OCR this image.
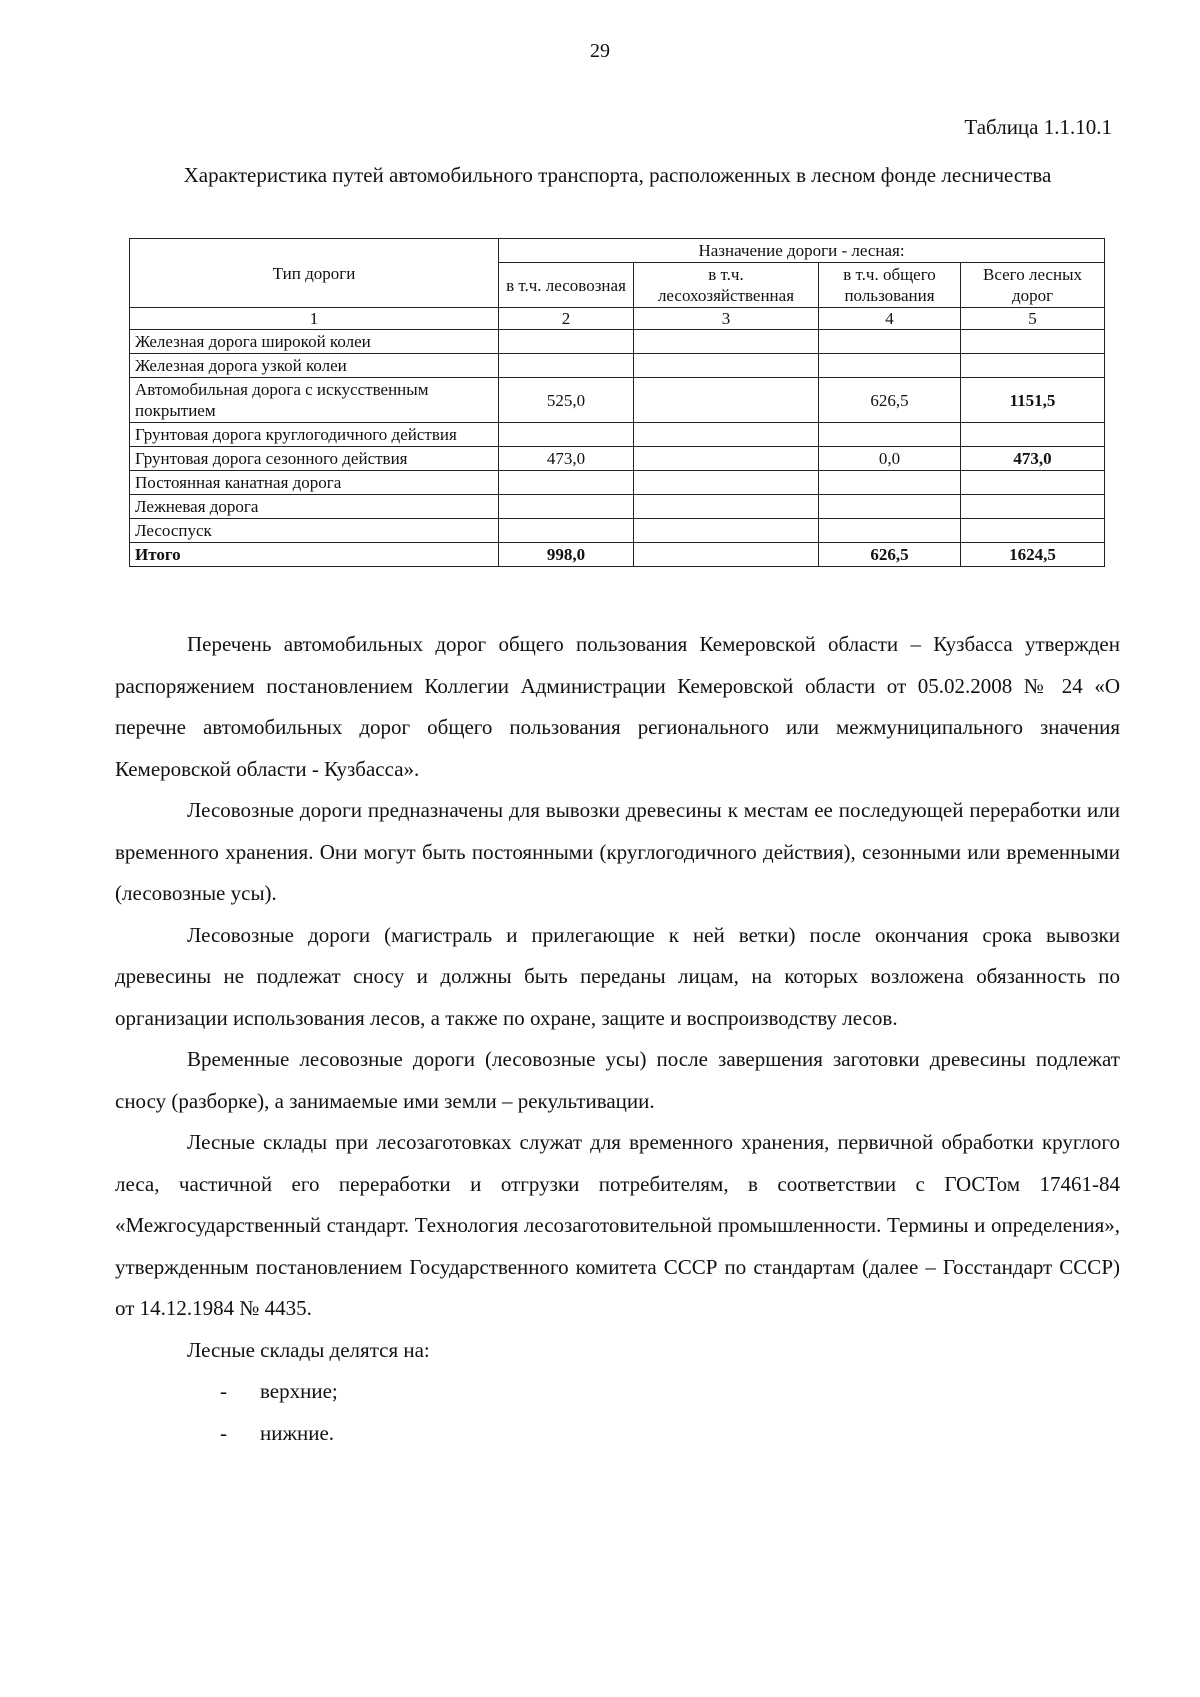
29
Таблица 1.1.10.1
Характеристика путей автомобильного транспорта, расположенных в лесном фонде лесничества
Тип дороги	Назначение дороги - лесная:			
	в т.ч. лесовозная	в т.ч. лесохозяйственная	в т.ч. общего пользования	Всего лесных дорог
1	2	3	4	5
Железная дорога широкой колеи				
Железная дорога узкой колеи				
Автомобильная дорога с искусственным покрытием	525,0		626,5	1151,5
Грунтовая дорога круглогодичного действия				
Грунтовая дорога сезонного действия	473,0		0,0	473,0
Постоянная канатная дорога				
Лежневая дорога				
Лесоспуск				
Итого	998,0		626,5	1624,5

Перечень автомобильных дорог общего пользования Кемеровской области – Кузбасса утвержден распоряжением постановлением Коллегии Администрации Кемеровской области от 05.02.2008 № 24 «О перечне автомобильных дорог общего пользования регионального или межмуниципального значения Кемеровской области - Кузбасса».

Лесовозные дороги предназначены для вывозки древесины к местам ее последующей переработки или временного хранения. Они могут быть постоянными (круглогодичного действия), сезонными или временными (лесовозные усы).

Лесовозные дороги (магистраль и прилегающие к ней ветки) после окончания срока вывозки древесины не подлежат сносу и должны быть переданы лицам, на которых возложена обязанность по организации использования лесов, а также по охране, защите и воспроизводству лесов.

Временные лесовозные дороги (лесовозные усы) после завершения заготовки древесины подлежат сносу (разборке), а занимаемые ими земли – рекультивации.

Лесные склады при лесозаготовках служат для временного хранения, первичной обработки круглого леса, частичной его переработки и отгрузки потребителям, в соответствии с ГОСТом 17461-84 «Межгосударственный стандарт. Технология лесозаготовительной промышленности. Термины и определения», утвержденным постановлением Государственного комитета СССР по стандартам (далее – Госстандарт СССР) от 14.12.1984 № 4435.

Лесные склады делятся на:

- верхние;
- нижние.
